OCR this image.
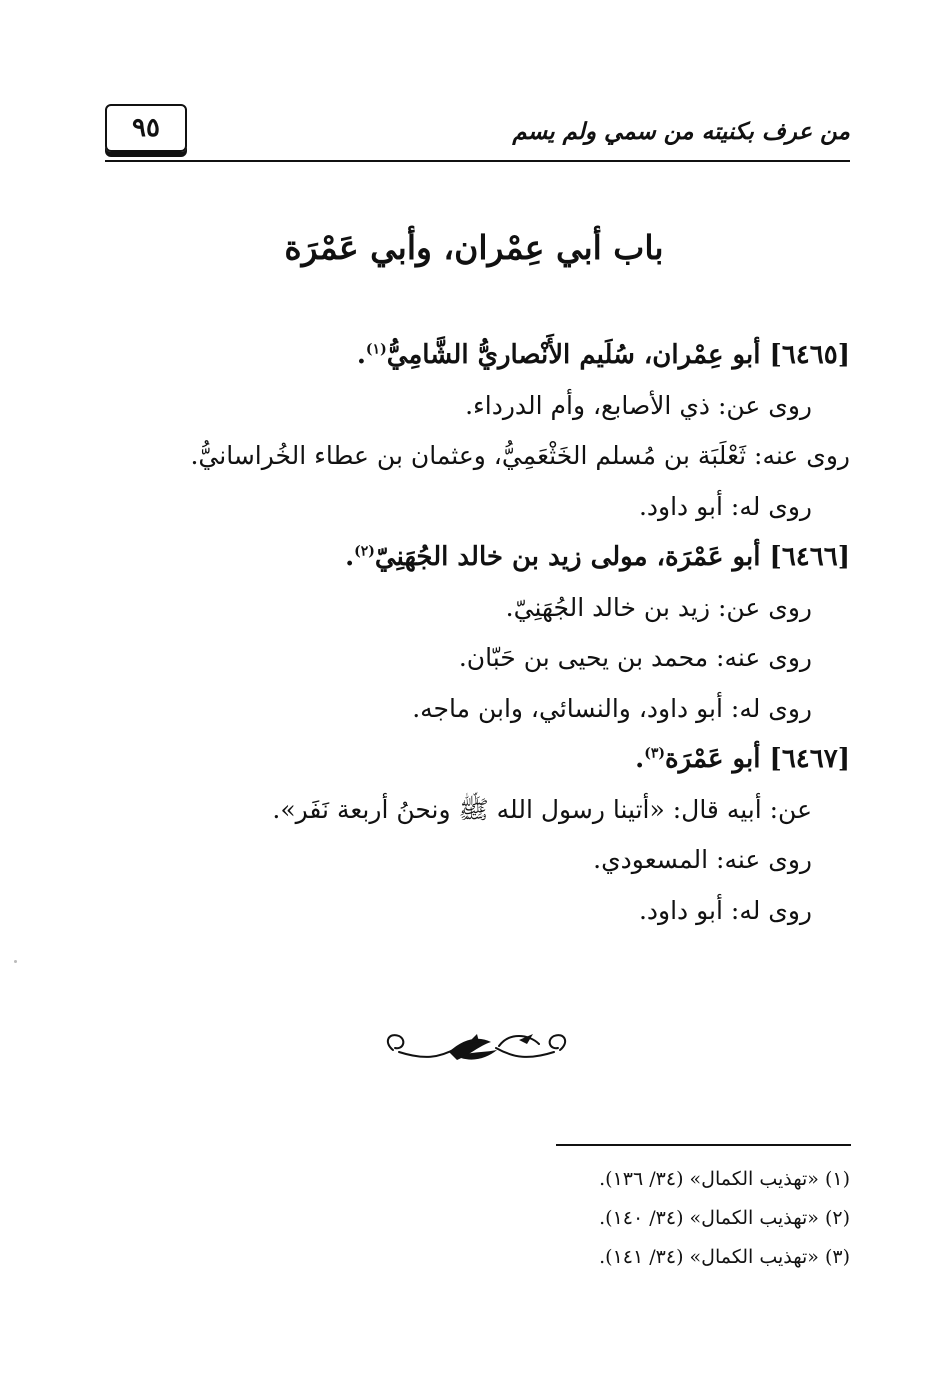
٩٥	من عرف بكنيته من سمي ولم يسم
باب أبي عِمْران، وأبي عَمْرَة
[٦٤٦٥] أبو عِمْران، سُلَيم الأَنْصاريُّ الشَّامِيُّ$^{(١)}$.
روى عن: ذي الأصابع، وأم الدرداء.
روى عنه: ثَعْلَبَة بن مُسلم الخَثْعَمِيُّ، وعثمان بن عطاء الخُراسانيُّ.
روى له: أبو داود.
[٦٤٦٦] أبو عَمْرَة، مولى زيد بن خالد الجُهَنِيّ$^{(٢)}$.
روى عن: زيد بن خالد الجُهَنِيّ.
روى عنه: محمد بن يحيى بن حَبّان.
روى له: أبو داود، والنسائي، وابن ماجه.
[٦٤٦٧] أبو عَمْرَة$^{(٣)}$.
عن: أبيه قال: «أتينا رسول الله ﷺ ونحنُ أربعة نَفَر».
روى عنه: المسعودي.
روى له: أبو داود.
(١) «تهذيب الكمال» (٣٤/ ١٣٦).
(٢) «تهذيب الكمال» (٣٤/ ١٤٠).
(٣) «تهذيب الكمال» (٣٤/ ١٤١).
